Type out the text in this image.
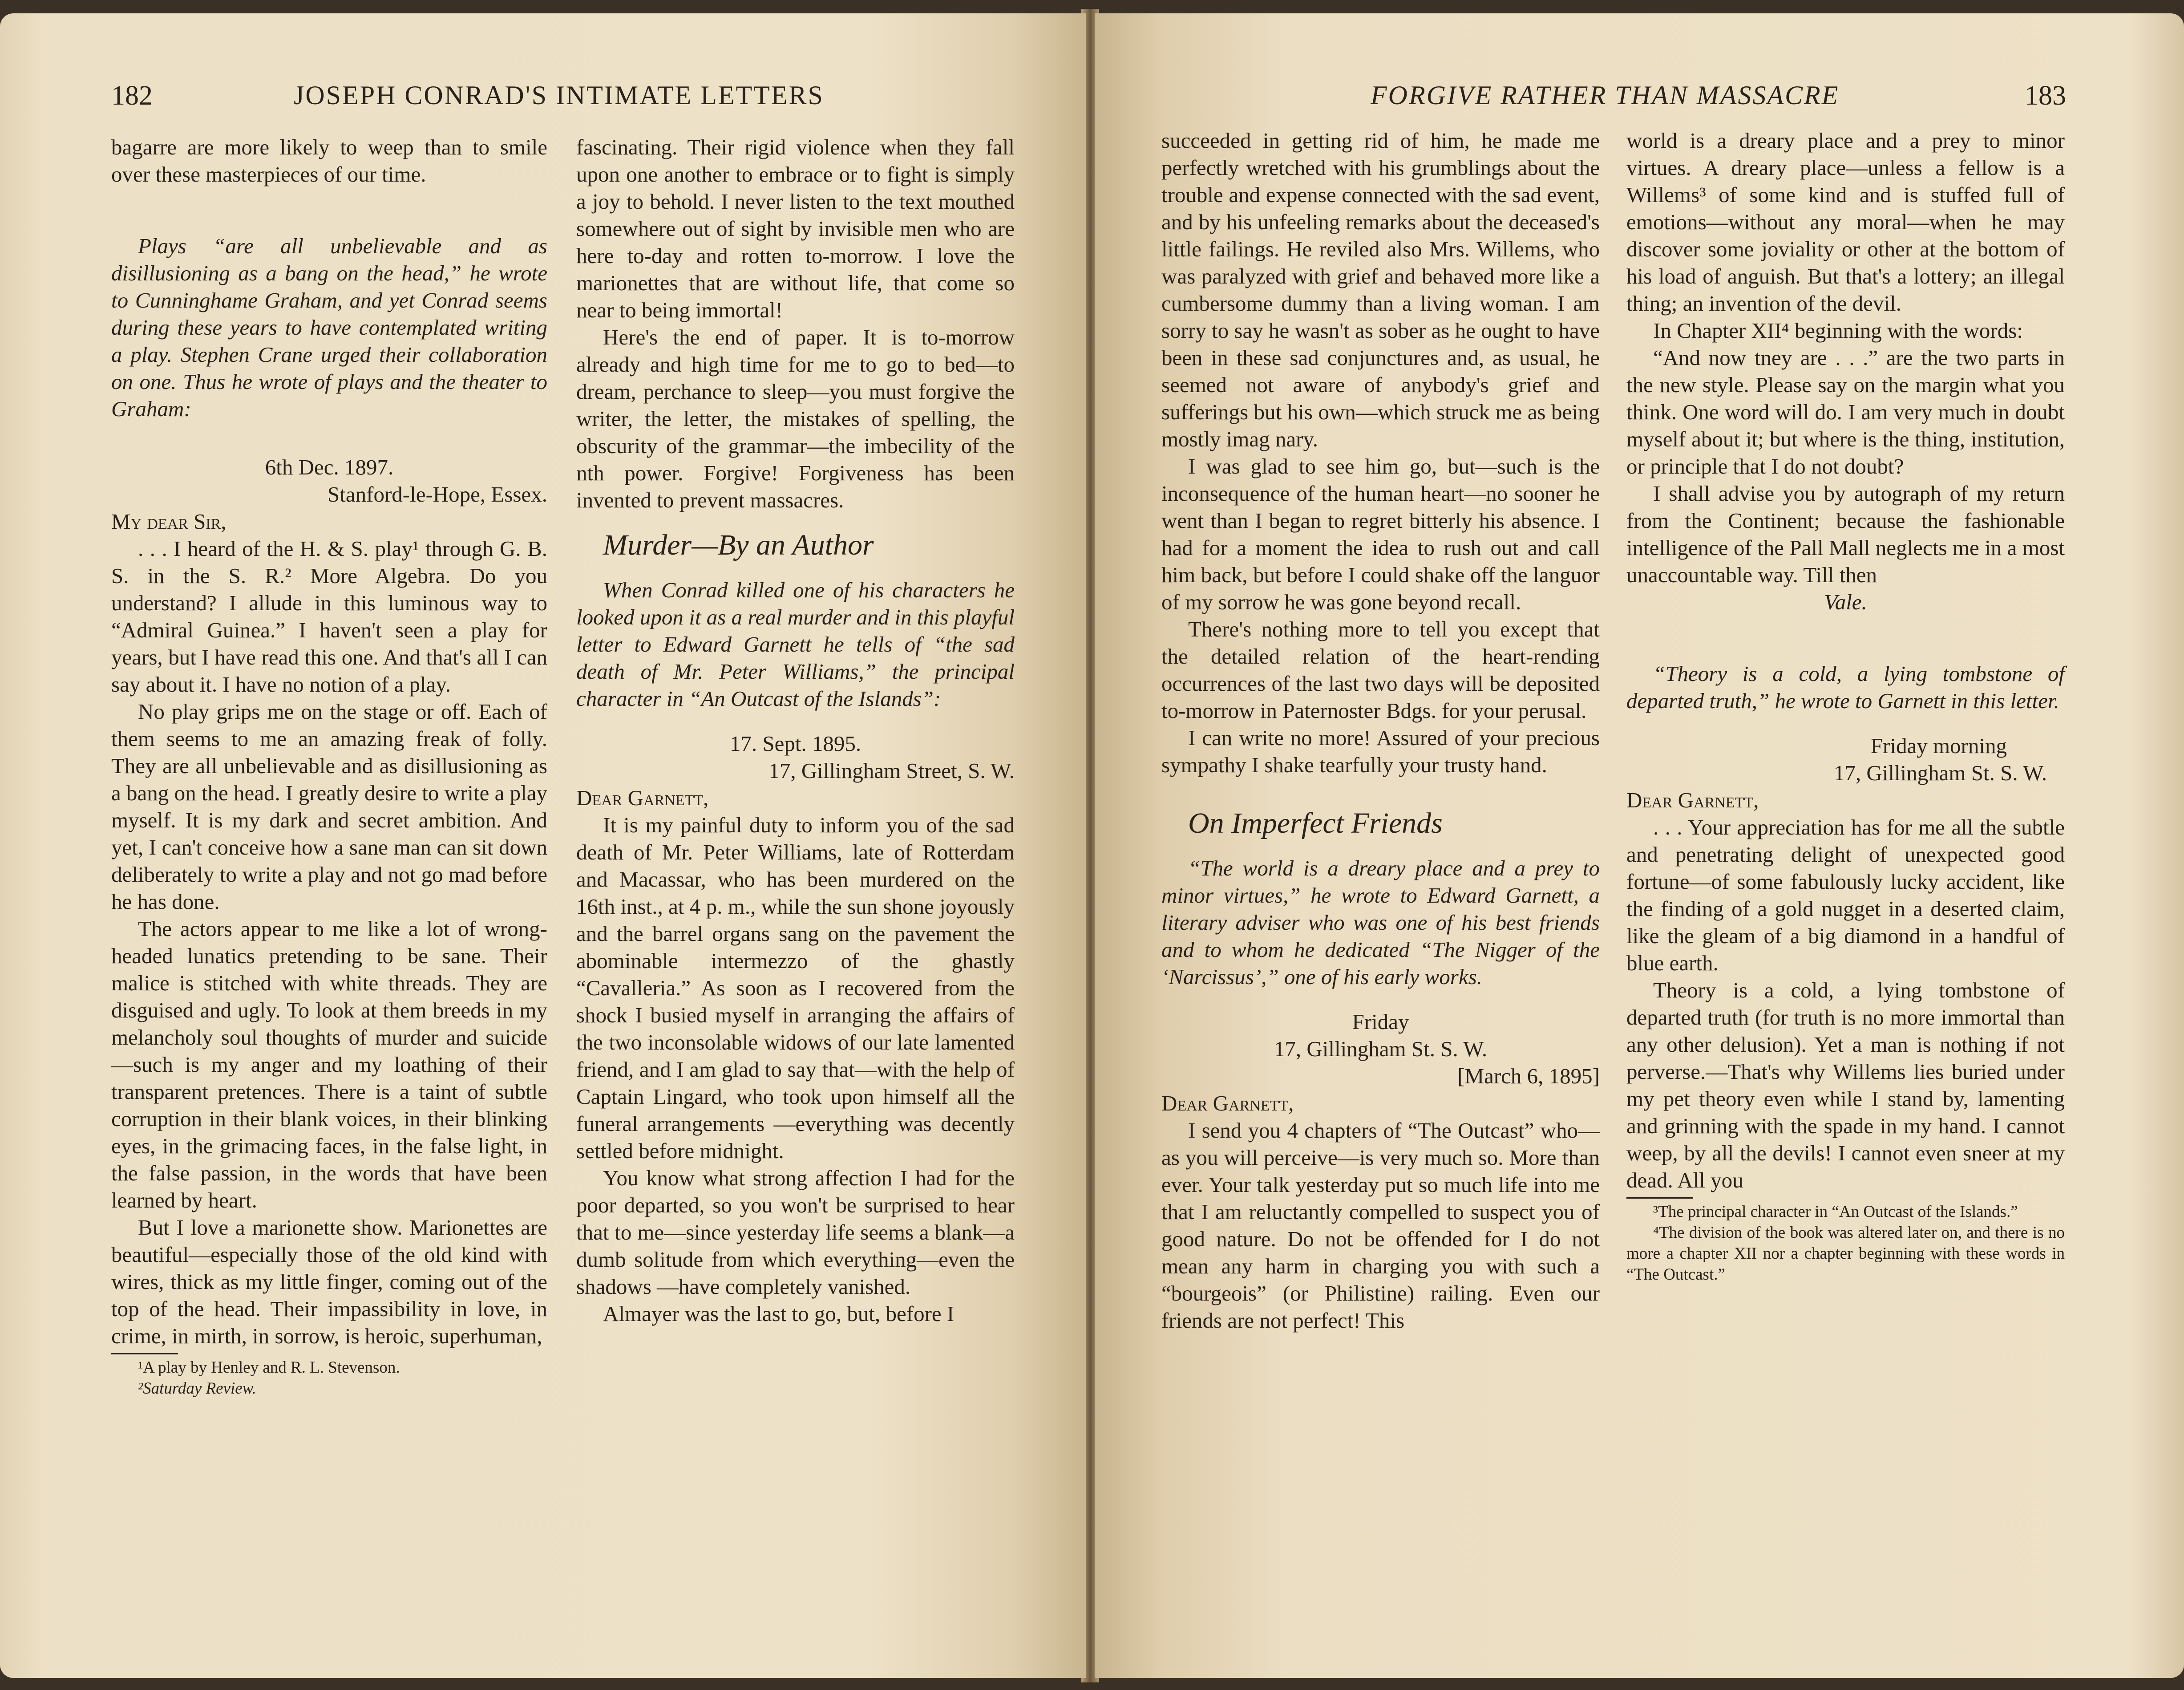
182	JOSEPH CONRAD'S INTIMATE LETTERS

bagarre are more likely to weep than to smile over these masterpieces of our time.

Plays “are all unbelievable and as disillusioning as a bang on the head,” he wrote to Cunninghame Graham, and yet Conrad seems during these years to have contemplated writing a play. Stephen Crane urged their collaboration on one. Thus he wrote of plays and the theater to Graham:

6th Dec. 1897.
Stanford-le-Hope, Essex.
My dear Sir,

. . . I heard of the H. & S. play¹ through G. B. S. in the S. R.² More Algebra. Do you understand? I allude in this luminous way to “Admiral Guinea.” I haven't seen a play for years, but I have read this one. And that's all I can say about it. I have no notion of a play.

No play grips me on the stage or off. Each of them seems to me an amazing freak of folly. They are all unbelievable and as disillusioning as a bang on the head. I greatly desire to write a play myself. It is my dark and secret ambition. And yet, I can't conceive how a sane man can sit down deliberately to write a play and not go mad before he has done.

The actors appear to me like a lot of wrong-headed lunatics pretending to be sane. Their malice is stitched with white threads. They are disguised and ugly. To look at them breeds in my melancholy soul thoughts of murder and suicide—such is my anger and my loathing of their transparent pretences. There is a taint of subtle corruption in their blank voices, in their blinking eyes, in the grimacing faces, in the false light, in the false passion, in the words that have been learned by heart.

But I love a marionette show. Marionettes are beautiful—especially those of the old kind with wires, thick as my little finger, coming out of the top of the head. Their impassibility in love, in crime, in mirth, in sorrow, is heroic, superhuman,

¹A play by Henley and R. L. Stevenson.

²Saturday Review.

fascinating. Their rigid violence when they fall upon one another to embrace or to fight is simply a joy to behold. I never listen to the text mouthed somewhere out of sight by invisible men who are here to-day and rotten to-morrow. I love the marionettes that are without life, that come so near to being immortal!

Here's the end of paper. It is to-morrow already and high time for me to go to bed—to dream, perchance to sleep—you must forgive the writer, the letter, the mistakes of spelling, the obscurity of the grammar—the imbecility of the nth power. Forgive! Forgiveness has been invented to prevent massacres.

Murder—By an Author

When Conrad killed one of his characters he looked upon it as a real murder and in this playful letter to Edward Garnett he tells of “the sad death of Mr. Peter Williams,” the principal character in “An Outcast of the Islands”:

17. Sept. 1895.
17, Gillingham Street, S. W.
Dear Garnett,

It is my painful duty to inform you of the sad death of Mr. Peter Williams, late of Rotterdam and Macassar, who has been murdered on the 16th inst., at 4 p. m., while the sun shone joyously and the barrel organs sang on the pavement the abominable intermezzo of the ghastly “Cavalleria.” As soon as I recovered from the shock I busied myself in arranging the affairs of the two inconsolable widows of our late lamented friend, and I am glad to say that—with the help of Captain Lingard, who took upon himself all the funeral arrangements —everything was decently settled before midnight.

You know what strong affection I had for the poor departed, so you won't be surprised to hear that to me—since yesterday life seems a blank—a dumb solitude from which everything—even the shadows —have completely vanished.

Almayer was the last to go, but, before I

FORGIVE RATHER THAN MASSACRE	183

succeeded in getting rid of him, he made me perfectly wretched with his grumblings about the trouble and expense connected with the sad event, and by his unfeeling remarks about the deceased's little failings. He reviled also Mrs. Willems, who was paralyzed with grief and behaved more like a cumbersome dummy than a living woman. I am sorry to say he wasn't as sober as he ought to have been in these sad conjunctures and, as usual, he seemed not aware of anybody's grief and sufferings but his own—which struck me as being mostly imag nary.

I was glad to see him go, but—such is the inconsequence of the human heart—no sooner he went than I began to regret bitterly his absence. I had for a moment the idea to rush out and call him back, but before I could shake off the languor of my sorrow he was gone beyond recall.

There's nothing more to tell you except that the detailed relation of the heart-rending occurrences of the last two days will be deposited to-morrow in Paternoster Bdgs. for your perusal.

I can write no more! Assured of your precious sympathy I shake tearfully your trusty hand.

On Imperfect Friends

“The world is a dreary place and a prey to minor virtues,” he wrote to Edward Garnett, a literary adviser who was one of his best friends and to whom he dedicated “The Nigger of the ‘Narcissus’,” one of his early works.

Friday
17, Gillingham St. S. W.
[March 6, 1895]
Dear Garnett,

I send you 4 chapters of “The Outcast” who—as you will perceive—is very much so. More than ever. Your talk yesterday put so much life into me that I am reluctantly compelled to suspect you of good nature. Do not be offended for I do not mean any harm in charging you with such a “bourgeois” (or Philistine) railing. Even our friends are not perfect! This

world is a dreary place and a prey to minor virtues. A dreary place—unless a fellow is a Willems³ of some kind and is stuffed full of emotions—without any moral—when he may discover some joviality or other at the bottom of his load of anguish. But that's a lottery; an illegal thing; an invention of the devil.

In Chapter XII⁴ beginning with the words:

“And now tney are . . .” are the two parts in the new style. Please say on the margin what you think. One word will do. I am very much in doubt myself about it; but where is the thing, institution, or principle that I do not doubt?

I shall advise you by autograph of my return from the Continent; because the fashionable intelligence of the Pall Mall neglects me in a most unaccountable way. Till then

Vale.

“Theory is a cold, a lying tombstone of departed truth,” he wrote to Garnett in this letter.

Friday morning
17, Gillingham St. S. W.
Dear Garnett,

. . . Your appreciation has for me all the subtle and penetrating delight of unexpected good fortune—of some fabulously lucky accident, like the finding of a gold nugget in a deserted claim, like the gleam of a big diamond in a handful of blue earth.

Theory is a cold, a lying tombstone of departed truth (for truth is no more immortal than any other delusion). Yet a man is nothing if not perverse.—That's why Willems lies buried under my pet theory even while I stand by, lamenting and grinning with the spade in my hand. I cannot weep, by all the devils! I cannot even sneer at my dead. All you

³The principal character in “An Outcast of the Islands.”

⁴The division of the book was altered later on, and there is no more a chapter XII nor a chapter beginning with these words in “The Outcast.”
